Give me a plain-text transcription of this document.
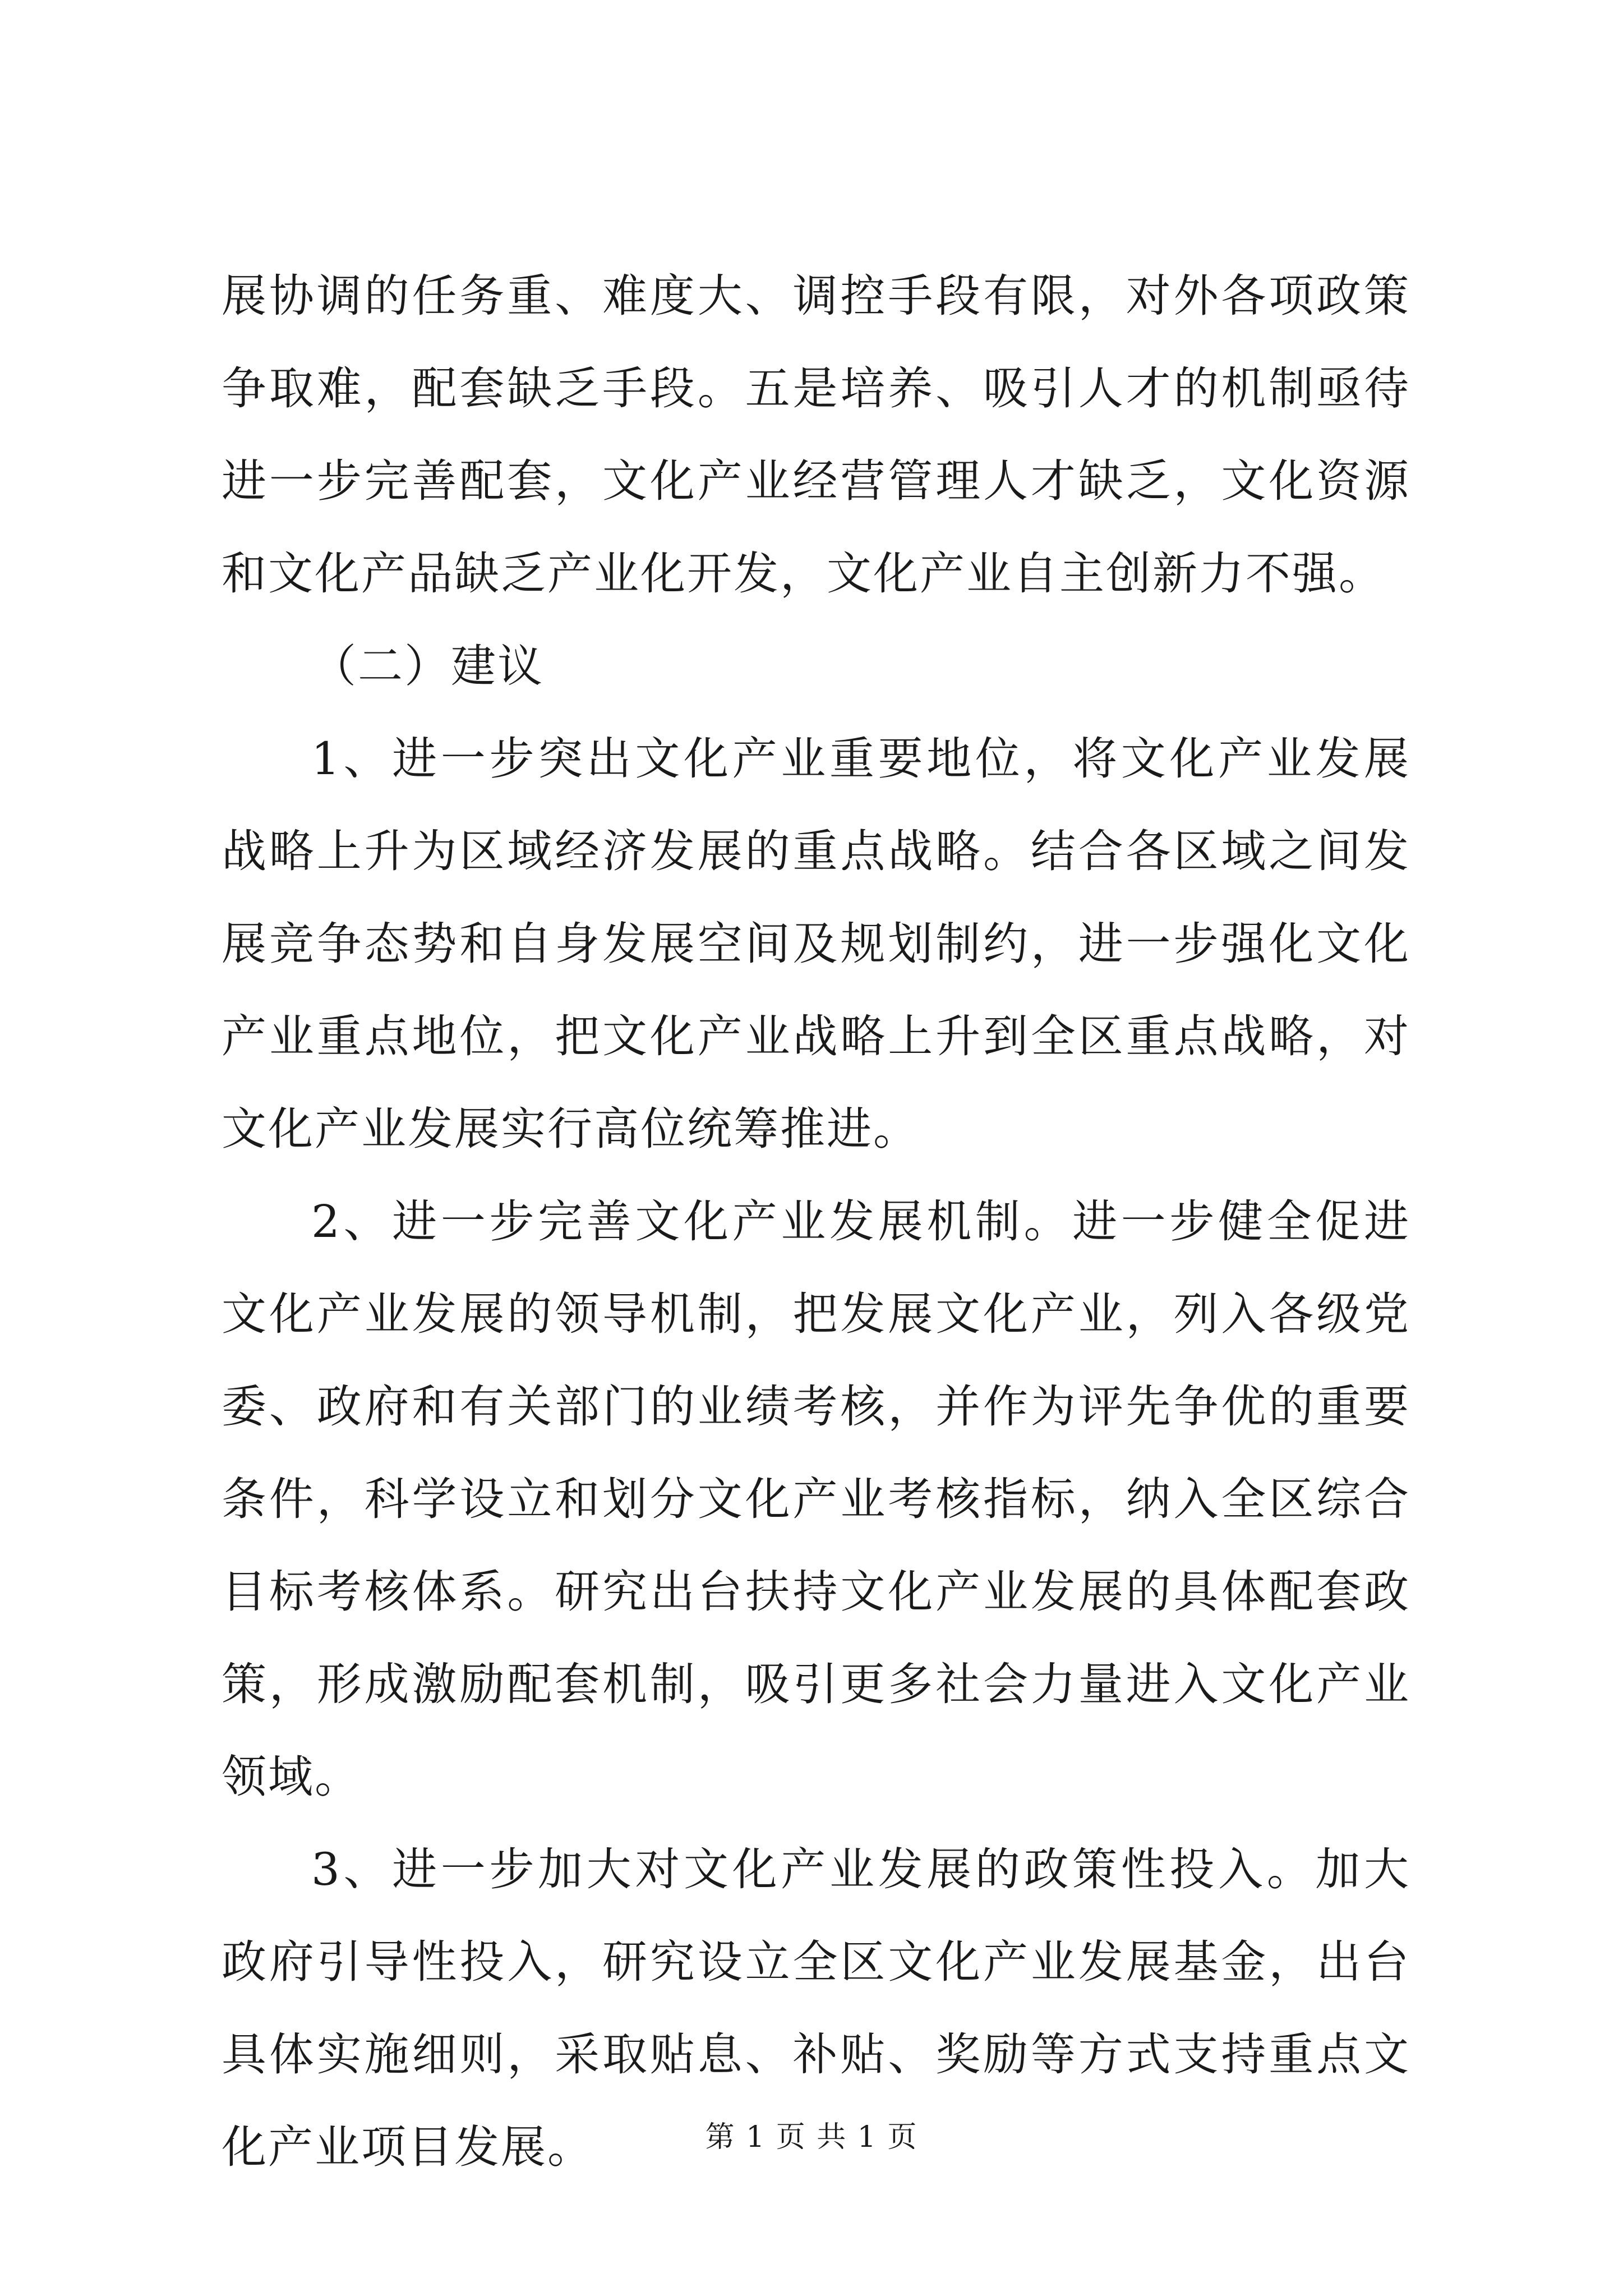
展协调的任务重、难度大、调控手段有限，对外各项政策争取难，配套缺乏手段。五是培养、吸引人才的机制亟待进一步完善配套，文化产业经营管理人才缺乏，文化资源和文化产品缺乏产业化开发，文化产业自主创新力不强。

（二）建议

1、进一步突出文化产业重要地位，将文化产业发展战略上升为区域经济发展的重点战略。结合各区域之间发展竞争态势和自身发展空间及规划制约，进一步强化文化产业重点地位，把文化产业战略上升到全区重点战略，对文化产业发展实行高位统筹推进。

2、进一步完善文化产业发展机制。进一步健全促进文化产业发展的领导机制，把发展文化产业，列入各级党委、政府和有关部门的业绩考核，并作为评先争优的重要条件，科学设立和划分文化产业考核指标，纳入全区综合目标考核体系。研究出台扶持文化产业发展的具体配套政策，形成激励配套机制，吸引更多社会力量进入文化产业领域。

3、进一步加大对文化产业发展的政策性投入。加大政府引导性投入，研究设立全区文化产业发展基金，出台具体实施细则，采取贴息、补贴、奖励等方式支持重点文化产业项目发展。	第 1 页 共 1 页
